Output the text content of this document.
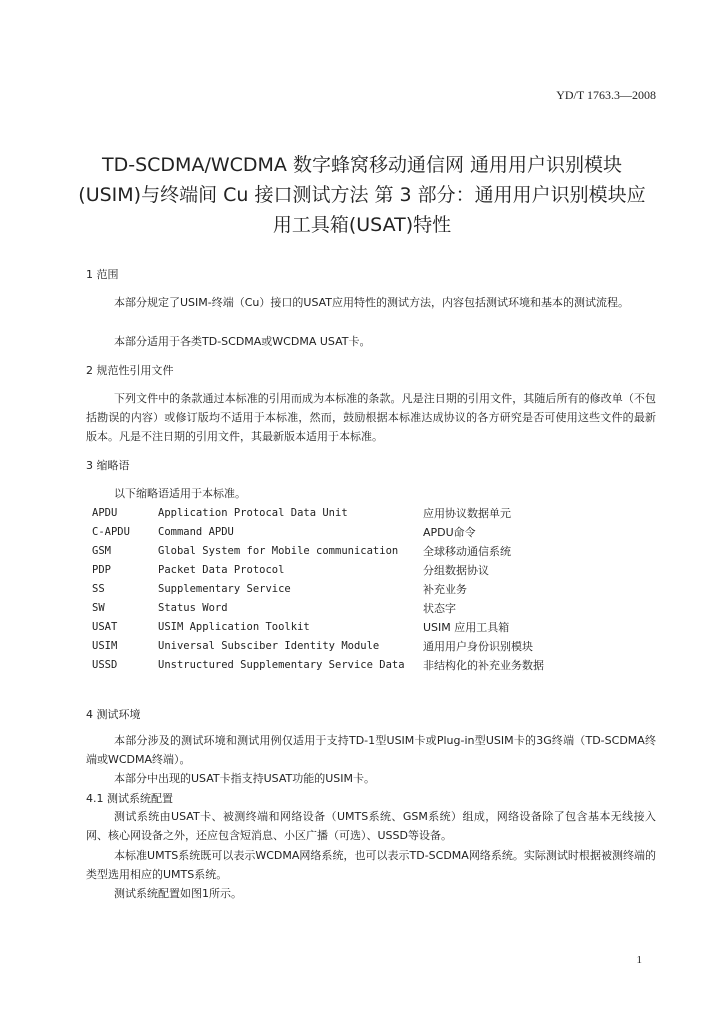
YD/T 1763.3—2008
TD-SCDMA/WCDMA 数字蜂窝移动通信网 通用用户识别模块
(USIM)与终端间 Cu 接口测试方法 第 3 部分：通用用户识别模块应
用工具箱(USAT)特性
1 范围
本部分规定了USIM-终端（Cu）接口的USAT应用特性的测试方法，内容包括测试环境和基本的测试流程。
本部分适用于各类TD-SCDMA或WCDMA USAT卡。
2 规范性引用文件
下列文件中的条款通过本标准的引用而成为本标准的条款。凡是注日期的引用文件，其随后所有的修改单（不包括勘误的内容）或修订版均不适用于本标准，然而，鼓励根据本标准达成协议的各方研究是否可使用这些文件的最新版本。凡是不注日期的引用文件，其最新版本适用于本标准。
3 缩略语
以下缩略语适用于本标准。
APDU	Application Protocal Data Unit	应用协议数据单元
C-APDU	Command APDU	APDU命令
GSM	Global System for Mobile communication	全球移动通信系统
PDP	Packet Data Protocol	分组数据协议
SS	Supplementary Service	补充业务
SW	Status Word	状态字
USAT	USIM Application Toolkit	USIM 应用工具箱
USIM	Universal Subsciber Identity Module	通用用户身份识别模块
USSD	Unstructured Supplementary Service Data	非结构化的补充业务数据
4 测试环境
本部分涉及的测试环境和测试用例仅适用于支持TD-1型USIM卡或Plug-in型USIM卡的3G终端（TD-SCDMA终端或WCDMA终端）。
本部分中出现的USAT卡指支持USAT功能的USIM卡。
4.1 测试系统配置
测试系统由USAT卡、被测终端和网络设备（UMTS系统、GSM系统）组成，网络设备除了包含基本无线接入网、核心网设备之外，还应包含短消息、小区广播（可选）、USSD等设备。
本标准UMTS系统既可以表示WCDMA网络系统，也可以表示TD-SCDMA网络系统。实际测试时根据被测终端的类型选用相应的UMTS系统。
测试系统配置如图1所示。
1
